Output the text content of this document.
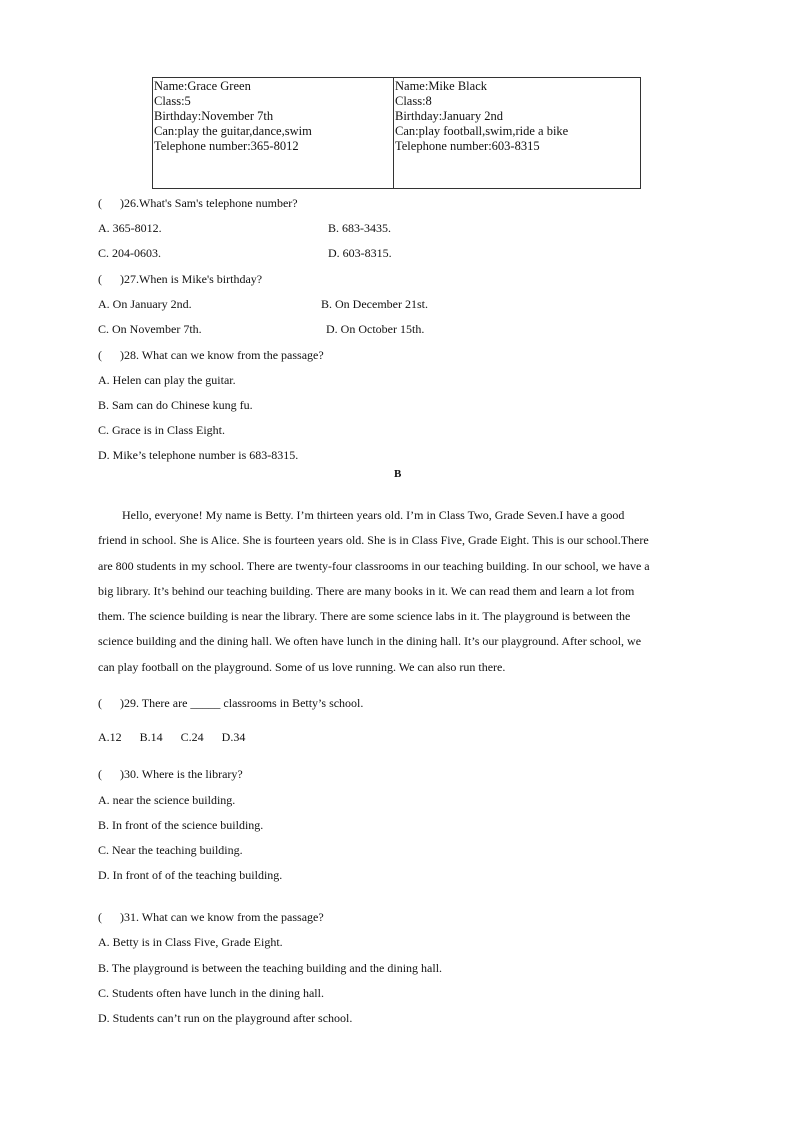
Name:Grace Green
Class:5
Birthday:November 7th
Can:play the guitar,dance,swim
Telephone number:365-8012
Name:Mike Black
Class:8
Birthday:January 2nd
Can:play football,swim,ride a bike
Telephone number:603-8315
(      )26.What's Sam's telephone number?
A. 365-8012.	B. 683-3435.
C. 204-0603.	D. 603-8315.
(      )27.When is Mike's birthday?
A. On January 2nd.	B. On December 21st.
C. On November 7th.	D. On October 15th.
(      )28. What can we know from the passage?
A. Helen can play the guitar.
B. Sam can do Chinese kung fu.
C. Grace is in Class Eight.
D. Mike’s telephone number is 683-8315.
B
Hello, everyone! My name is Betty. I’m thirteen years old. I’m in Class Two, Grade Seven.I have a good
friend in school. She is Alice. She is fourteen years old. She is in Class Five, Grade Eight. This is our school.There
are 800 students in my school. There are twenty-four classrooms in our teaching building. In our school, we have a
big library. It’s behind our teaching building. There are many books in it. We can read them and learn a lot from
them. The science building is near the library. There are some science labs in it. The playground is between the
science building and the dining hall. We often have lunch in the dining hall. It’s our playground. After school, we
can play football on the playground. Some of us love running. We can also run there.
(      )29. There are _____ classrooms in Betty’s school.
A.12      B.14      C.24      D.34
(      )30. Where is the library?
A. near the science building.
B. In front of the science building.
C. Near the teaching building.
D. In front of of the teaching building.
(      )31. What can we know from the passage?
A. Betty is in Class Five, Grade Eight.
B. The playground is between the teaching building and the dining hall.
C. Students often have lunch in the dining hall.
D. Students can’t run on the playground after school.
